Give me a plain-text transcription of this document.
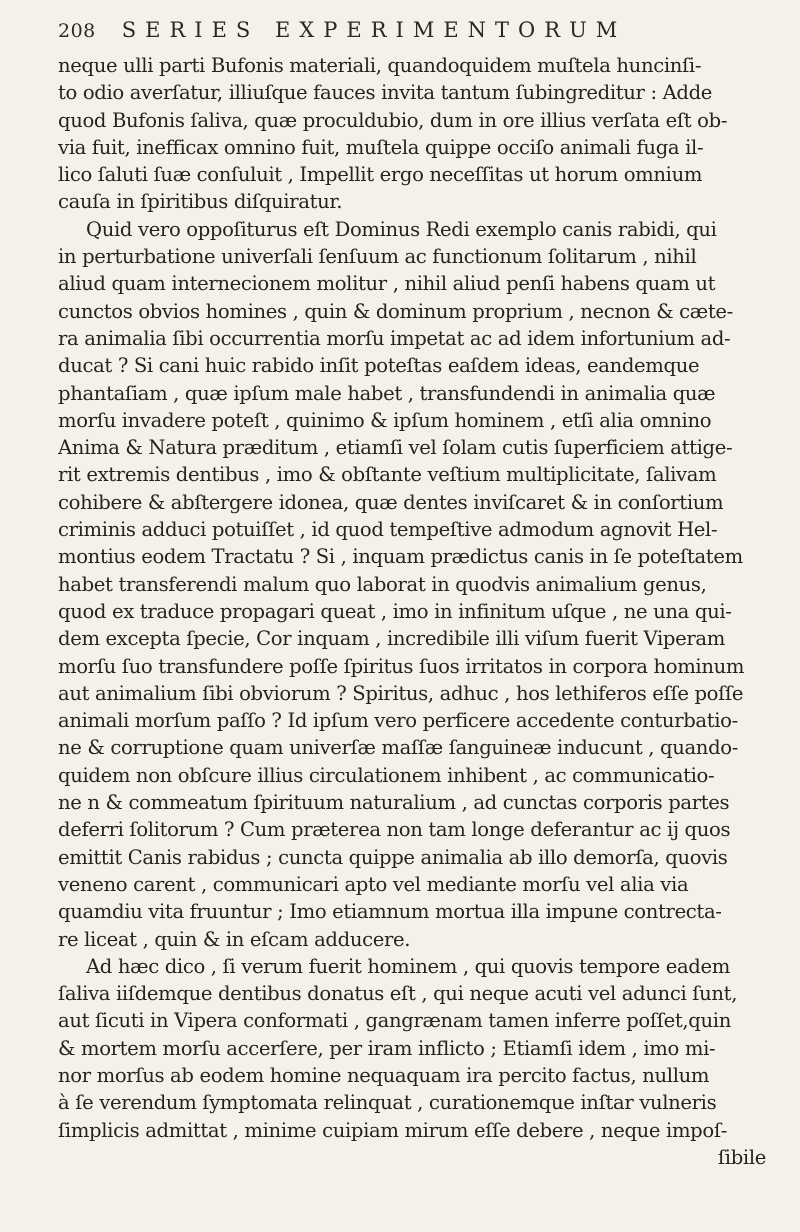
208 SERIES EXPERIMENTORUM

neque ulli parti Bufonis materiali, quandoquidem muſtela huncinſi-
to odio averſatur, illiuſque fauces invita tantum ſubingreditur : Adde
quod Bufonis ſaliva, quæ proculdubio, dum in ore illius verſata eſt ob-
via fuit, inefficax omnino fuit, muſtela quippe occiſo animali fuga il-
lico ſaluti ſuæ conſuluit , Impellit ergo neceſſitas ut horum omnium
cauſa in ſpiritibus diſquiratur.

Quid vero oppoſiturus eſt Dominus Redi exemplo canis rabidi, qui
in perturbatione univerſali ſenſuum ac functionum ſolitarum , nihil
aliud quam internecionem molitur , nihil aliud penſi habens quam ut
cunctos obvios homines , quin & dominum proprium , necnon & cæte-
ra animalia ſibi occurrentia morſu impetat ac ad idem infortunium ad-
ducat ? Si cani huic rabido inſit poteſtas eaſdem ideas, eandemque
phantaſiam , quæ ipſum male habet , transfundendi in animalia quæ
morſu invadere poteſt , quinimo & ipſum hominem , etſi alia omnino
Anima & Natura præditum , etiamſi vel ſolam cutis ſuperficiem attige-
rit extremis dentibus , imo & obſtante veſtium multiplicitate, ſalivam
cohibere & abſtergere idonea, quæ dentes inviſcaret & in conſortium
criminis adduci potuiſſet , id quod tempeſtive admodum agnovit Hel-
montius eodem Tractatu ? Si , inquam prædictus canis in ſe poteſtatem
habet transferendi malum quo laborat in quodvis animalium genus,
quod ex traduce propagari queat , imo in infinitum uſque , ne una qui-
dem excepta ſpecie, Cor inquam , incredibile illi viſum fuerit Viperam
morſu ſuo transfundere poſſe ſpiritus ſuos irritatos in corpora hominum
aut animalium ſibi obviorum ? Spiritus, adhuc , hos lethiferos eſſe poſſe
animali morſum paſſo ? Id ipſum vero perficere accedente conturbatio-
ne & corruptione quam univerſæ maſſæ ſanguineæ inducunt , quando-
quidem non obſcure illius circulationem inhibent , ac communicatio-
ne n & commeatum ſpirituum naturalium , ad cunctas corporis partes
deferri ſolitorum ? Cum præterea non tam longe deferantur ac ij quos
emittit Canis rabidus ; cuncta quippe animalia ab illo demorſa, quovis
veneno carent , communicari apto vel mediante morſu vel alia via
quamdiu vita fruuntur ; Imo etiamnum mortua illa impune contrecta-
re liceat , quin & in eſcam adducere.

Ad hæc dico , ſi verum fuerit hominem , qui quovis tempore eadem
ſaliva iiſdemque dentibus donatus eſt , qui neque acuti vel adunci ſunt,
aut ſicuti in Vipera conformati , gangrænam tamen inferre poſſet,quin
& mortem morſu accerſere, per iram inflicto ; Etiamſi idem , imo mi-
nor morſus ab eodem homine nequaquam ira percito factus, nullum
à ſe verendum ſymptomata relinquat , curationemque inſtar vulneris
ſimplicis admittat , minime cuipiam mirum eſſe debere , neque impoſ-
ſibile
